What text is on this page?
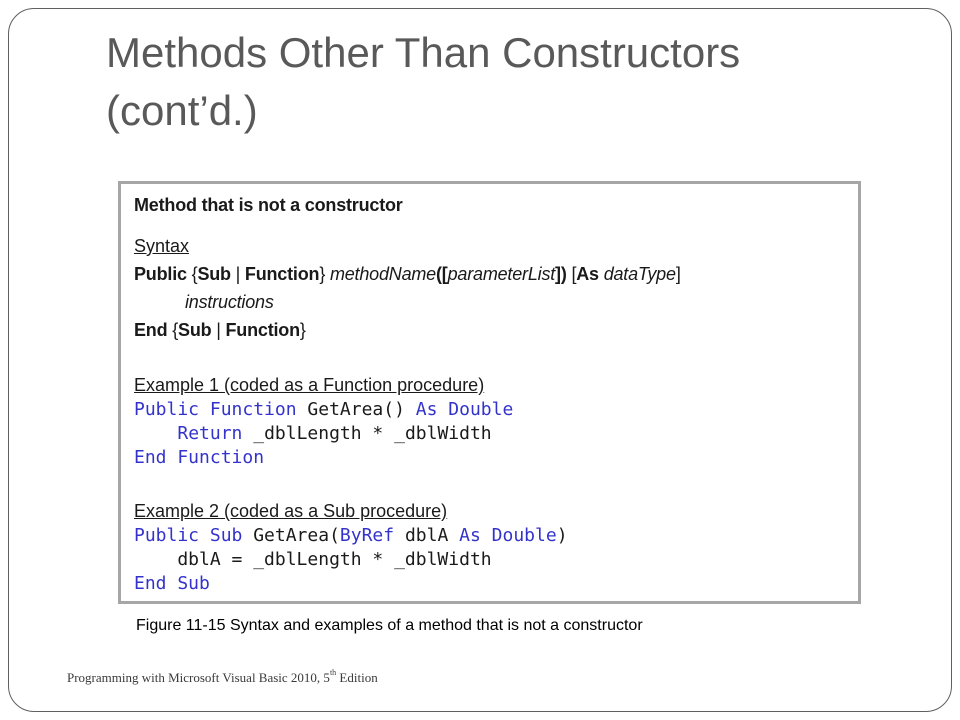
Methods Other Than Constructors
(cont’d.)
Method that is not a constructor
Syntax
Public {Sub | Function} methodName([parameterList]) [As dataType]
instructions
End {Sub | Function}
Example 1 (coded as a Function procedure)
Public Function GetArea() As Double
Return _dblLength * _dblWidth
End Function
Example 2 (coded as a Sub procedure)
Public Sub GetArea(ByRef dblA As Double)
dblA = _dblLength * _dblWidth
End Sub
Figure 11-15 Syntax and examples of a method that is not a constructor
Programming with Microsoft Visual Basic 2010, 5th Edition
